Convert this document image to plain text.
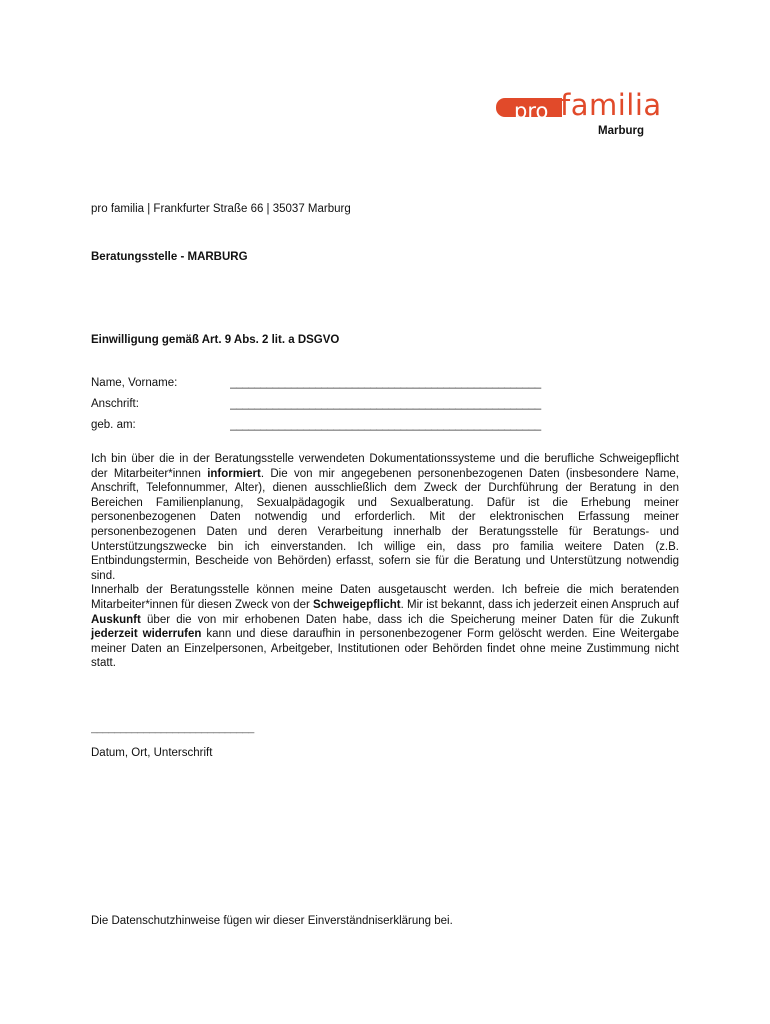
pro familia
Marburg
pro familia | Frankfurter Straße 66 | 35037 Marburg
Beratungsstelle - MARBURG
Einwilligung gemäß Art. 9 Abs. 2 lit. a DSGVO
Name, Vorname:	___________________________________________________
Anschrift:	___________________________________________________
geb. am:	___________________________________________________
Ich bin über die in der Beratungsstelle verwendeten Dokumentationssysteme und die berufliche Schweigepflicht der Mitarbeiter*innen informiert. Die von mir angegebenen personenbezogenen Daten (insbesondere Name, Anschrift, Telefonnummer, Alter), dienen ausschließlich dem Zweck der Durchführung der Beratung in den Bereichen Familienplanung, Sexualpädagogik und Sexualberatung. Dafür ist die Erhebung meiner personenbezogenen Daten notwendig und erforderlich. Mit der elektronischen Erfassung meiner personenbezogenen Daten und deren Verarbeitung innerhalb der Beratungsstelle für Beratungs- und Unterstützungszwecke bin ich einverstanden. Ich willige ein, dass pro familia weitere Daten (z.B. Entbindungstermin, Bescheide von Behörden) erfasst, sofern sie für die Beratung und Unterstützung notwendig sind.
Innerhalb der Beratungsstelle können meine Daten ausgetauscht werden. Ich befreie die mich beratenden Mitarbeiter*innen für diesen Zweck von der Schweigepflicht. Mir ist bekannt, dass ich jederzeit einen Anspruch auf Auskunft über die von mir erhobenen Daten habe, dass ich die Speicherung meiner Daten für die Zukunft jederzeit widerrufen kann und diese daraufhin in personenbezogener Form gelöscht werden. Eine Weitergabe meiner Daten an Einzelpersonen, Arbeitgeber, Institutionen oder Behörden findet ohne meine Zustimmung nicht statt.
____________________________
Datum, Ort, Unterschrift
Die Datenschutzhinweise fügen wir dieser Einverständniserklärung bei.
